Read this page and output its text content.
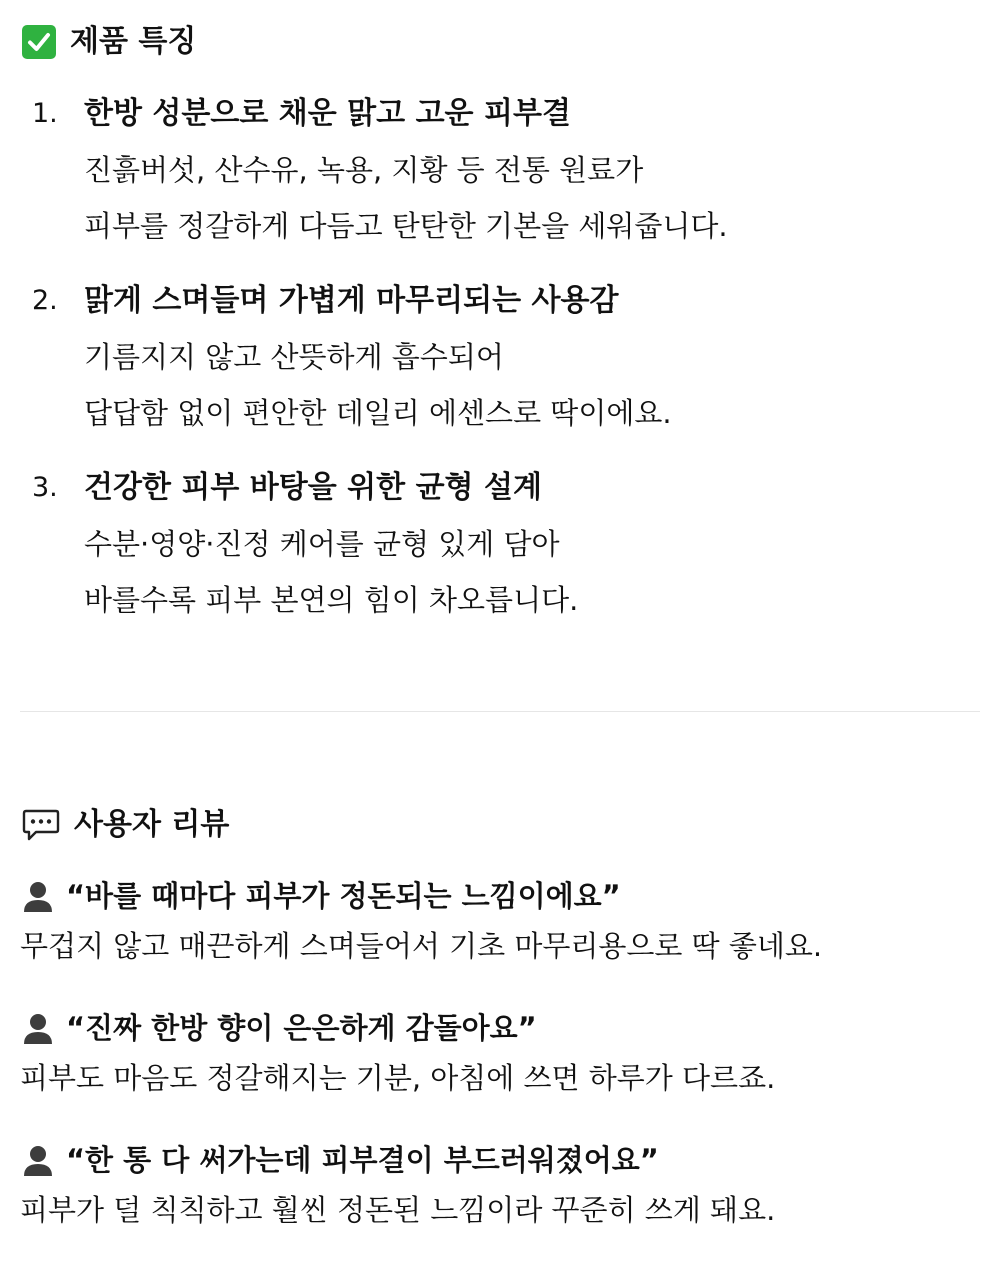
제품 특징
1. 한방 성분으로 채운 맑고 고운 피부결
진흙버섯, 산수유, 녹용, 지황 등 전통 원료가
피부를 정갈하게 다듬고 탄탄한 기본을 세워줍니다.
2. 맑게 스며들며 가볍게 마무리되는 사용감
기름지지 않고 산뜻하게 흡수되어
답답함 없이 편안한 데일리 에센스로 딱이에요.
3. 건강한 피부 바탕을 위한 균형 설계
수분·영양·진정 케어를 균형 있게 담아
바를수록 피부 본연의 힘이 차오릅니다.
사용자 리뷰
“바를 때마다 피부가 정돈되는 느낌이에요”
무겁지 않고 매끈하게 스며들어서 기초 마무리용으로 딱 좋네요.
“진짜 한방 향이 은은하게 감돌아요”
피부도 마음도 정갈해지는 기분, 아침에 쓰면 하루가 다르죠.
“한 통 다 써가는데 피부결이 부드러워졌어요”
피부가 덜 칙칙하고 훨씬 정돈된 느낌이라 꾸준히 쓰게 돼요.
